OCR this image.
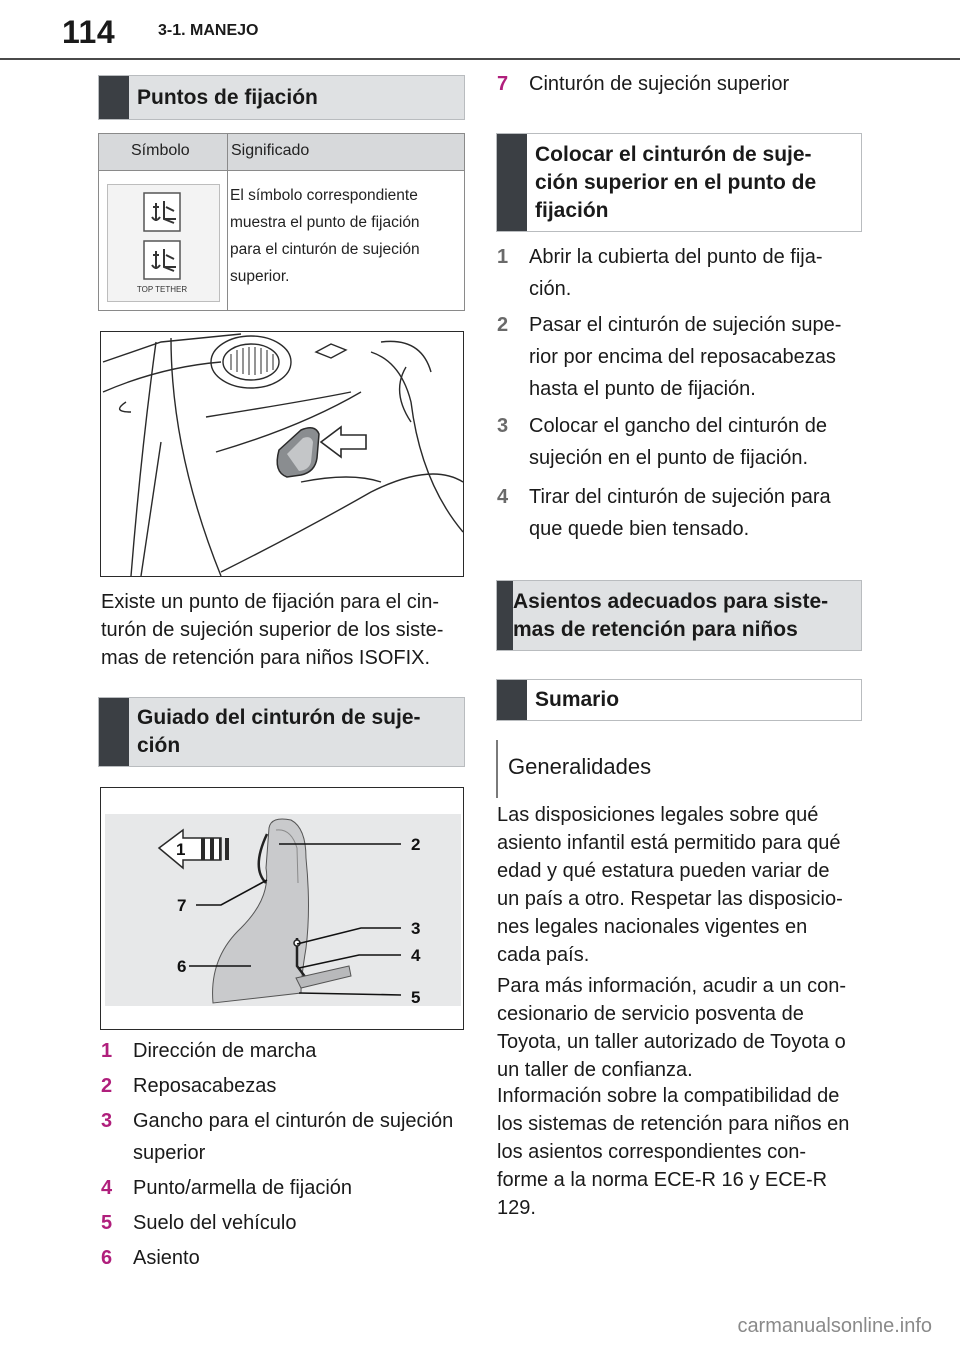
114	3-1. MANEJO
Puntos de fijación
Símbolo	Significado
TOP TETHER
El símbolo correspondiente
muestra el punto de fijación
para el cinturón de sujeción
superior.
Existe un punto de fijación para el cin-
turón de sujeción superior de los siste-
mas de retención para niños ISOFIX.
Guiado del cinturón de suje-
ción
1	2
3
4
5
6
7
1 Dirección de marcha
2 Reposacabezas
3 Gancho para el cinturón de sujeción
superior
4 Punto/armella de fijación
5 Suelo del vehículo
6 Asiento
7 Cinturón de sujeción superior
Colocar el cinturón de suje-
ción superior en el punto de
fijación
1 Abrir la cubierta del punto de fija-
ción.
2 Pasar el cinturón de sujeción supe-
rior por encima del reposacabezas
hasta el punto de fijación.
3 Colocar el gancho del cinturón de
sujeción en el punto de fijación.
4 Tirar del cinturón de sujeción para
que quede bien tensado.
Asientos adecuados para siste-
mas de retención para niños
Sumario
Generalidades
Las disposiciones legales sobre qué
asiento infantil está permitido para qué
edad y qué estatura pueden variar de
un país a otro. Respetar las disposicio-
nes legales nacionales vigentes en
cada país.
Para más información, acudir a un con-
cesionario de servicio posventa de
Toyota, un taller autorizado de Toyota o
un taller de confianza.
Información sobre la compatibilidad de
los sistemas de retención para niños en
los asientos correspondientes con-
forme a la norma ECE-R 16 y ECE-R
129.
carmanualsonline.info
